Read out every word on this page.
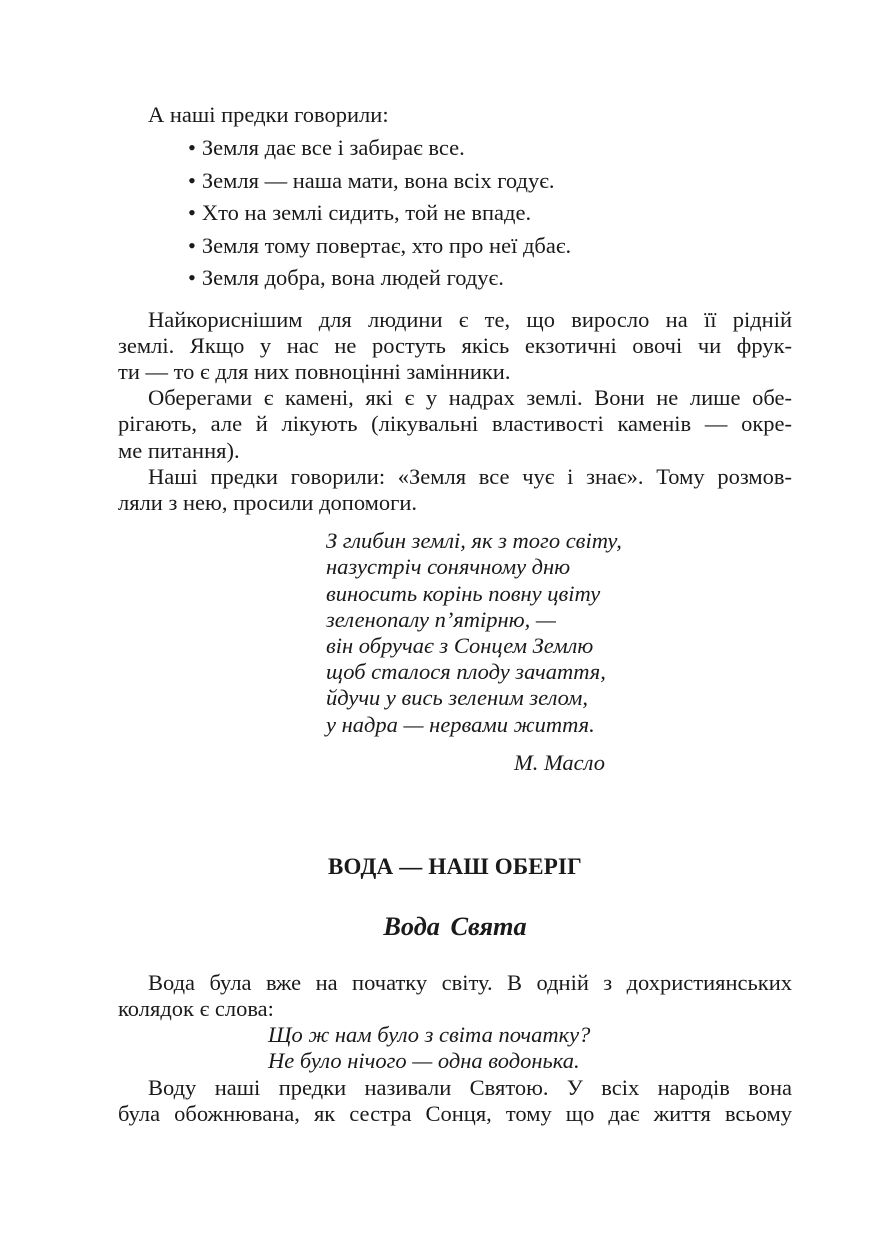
А наші предки говорили:

• Земля дає все і забирає все.
• Земля — наша мати, вона всіх годує.
• Хто на землі сидить, той не впаде.
• Земля тому повертає, хто про неї дбає.
• Земля добра, вона людей годує.

Найкориснішим для людини є те, що виросло на її рідній
землі. Якщо у нас не ростуть якісь екзотичні овочі чи фрук-
ти — то є для них повноцінні замінники.

Оберегами є камені, які є у надрах землі. Вони не лише обе-
рігають, але й лікують (лікувальні властивості каменів — окре-
ме питання).

Наші предки говорили: «Земля все чує і знає». Тому розмов-
ляли з нею, просили допомоги.

З глибин землі, як з того світу,
назустріч сонячному дню
виносить корінь повну цвіту
зеленопалу п’ятірню, —
він обручає з Сонцем Землю
щоб сталося плоду зачаття,
йдучи у вись зеленим зелом,
у надра — нервами життя.

М. Масло

ВОДА — НАШ ОБЕРІГ
Вода Свята

Вода була вже на початку світу. В одній з дохристиянських
колядок є слова:

Що ж нам було з світа початку?
Не було нічого — одна водонька.

Воду наші предки називали Святою. У всіх народів вона
була обожнювана, як сестра Сонця, тому що дає життя всьому
